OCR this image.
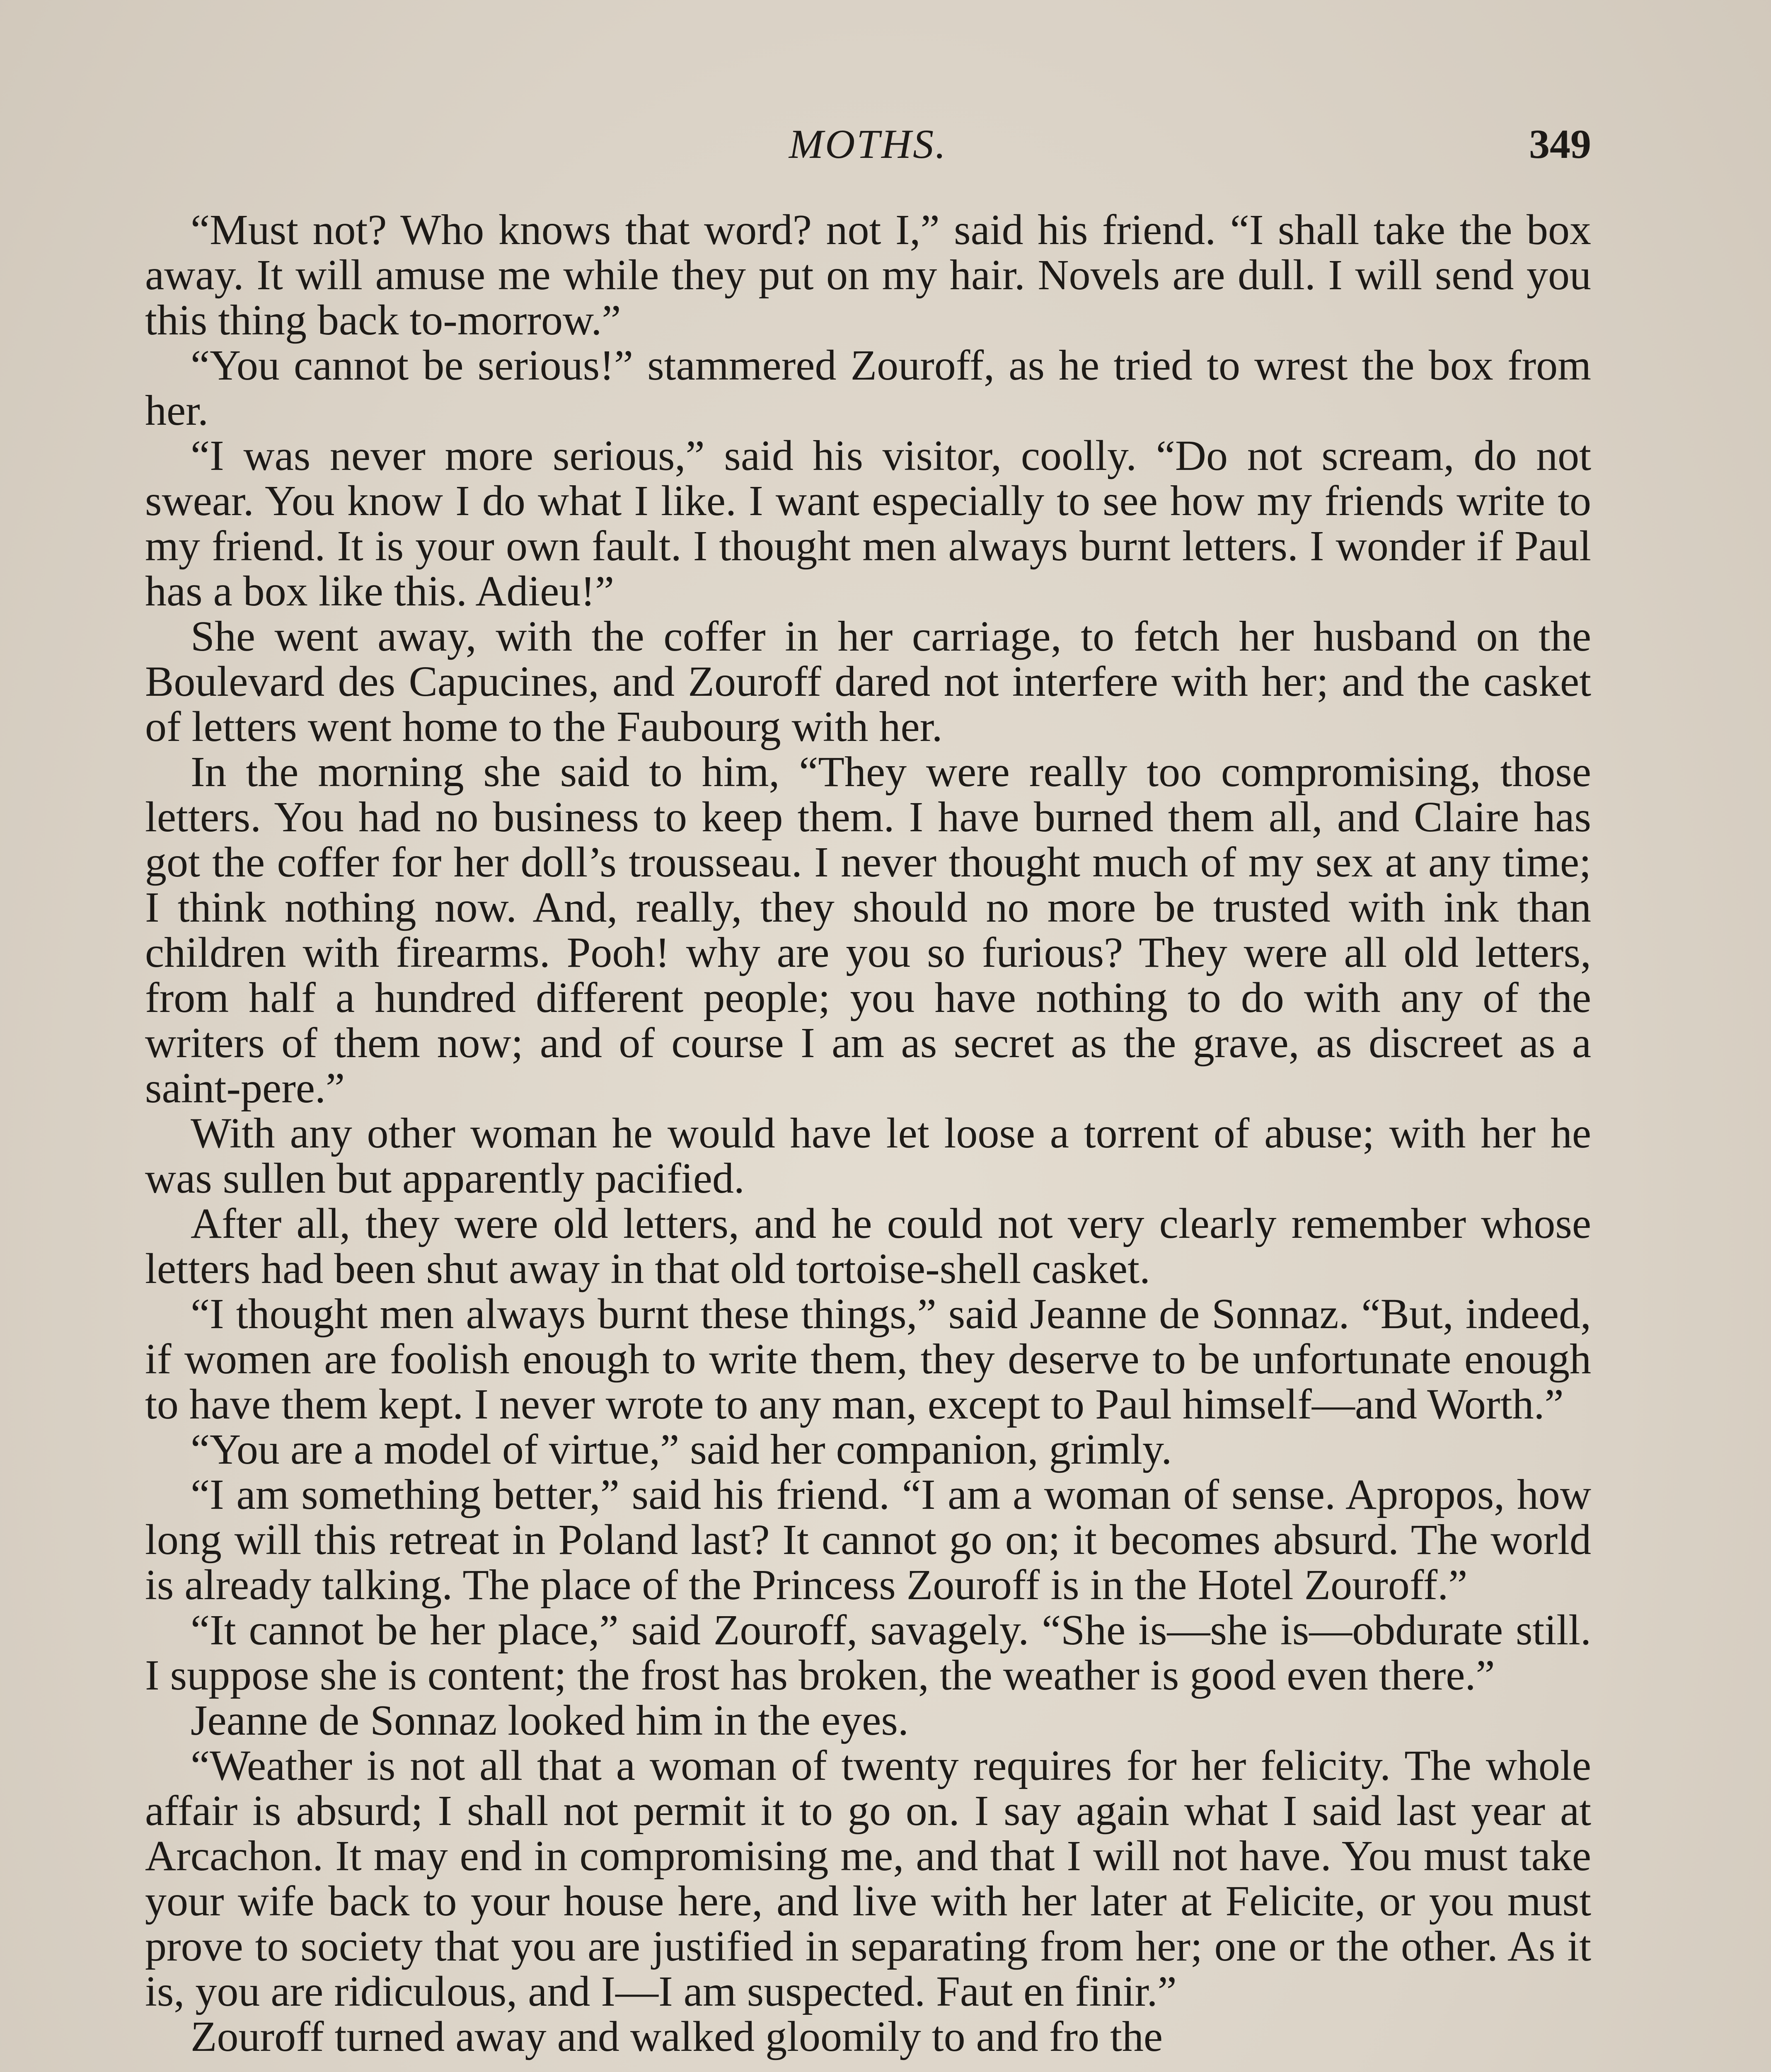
MOTHS.	349

“Must not? Who knows that word? not I,” said his friend. “I shall take the box away. It will amuse me while they put on my hair. Novels are dull. I will send you this thing back to-morrow.”

“You cannot be serious!” stammered Zouroff, as he tried to wrest the box from her.

“I was never more serious,” said his visitor, coolly. “Do not scream, do not swear. You know I do what I like. I want especially to see how my friends write to my friend. It is your own fault. I thought men always burnt letters. I wonder if Paul has a box like this. Adieu!”

She went away, with the coffer in her carriage, to fetch her husband on the Boulevard des Capucines, and Zouroff dared not interfere with her; and the casket of letters went home to the Faubourg with her.

In the morning she said to him, “They were really too compromising, those letters. You had no business to keep them. I have burned them all, and Claire has got the coffer for her doll’s trousseau. I never thought much of my sex at any time; I think nothing now. And, really, they should no more be trusted with ink than children with firearms. Pooh! why are you so furious? They were all old letters, from half a hundred different people; you have nothing to do with any of the writers of them now; and of course I am as secret as the grave, as discreet as a saint-pere.”

With any other woman he would have let loose a torrent of abuse; with her he was sullen but apparently pacified.

After all, they were old letters, and he could not very clearly remember whose letters had been shut away in that old tortoise-shell casket.

“I thought men always burnt these things,” said Jeanne de Sonnaz. “But, indeed, if women are foolish enough to write them, they deserve to be unfortunate enough to have them kept. I never wrote to any man, except to Paul himself—and Worth.”

“You are a model of virtue,” said her companion, grimly.

“I am something better,” said his friend. “I am a woman of sense. Apropos, how long will this retreat in Poland last? It cannot go on; it becomes absurd. The world is already talking. The place of the Princess Zouroff is in the Hotel Zouroff.”

“It cannot be her place,” said Zouroff, savagely. “She is—she is—obdurate still. I suppose she is content; the frost has broken, the weather is good even there.”

Jeanne de Sonnaz looked him in the eyes.

“Weather is not all that a woman of twenty requires for her felicity. The whole affair is absurd; I shall not permit it to go on. I say again what I said last year at Arcachon. It may end in compromising me, and that I will not have. You must take your wife back to your house here, and live with her later at Felicite, or you must prove to society that you are justified in separating from her; one or the other. As it is, you are ridiculous, and I—I am suspected. Faut en finir.”

Zouroff turned away and walked gloomily to and fro the
